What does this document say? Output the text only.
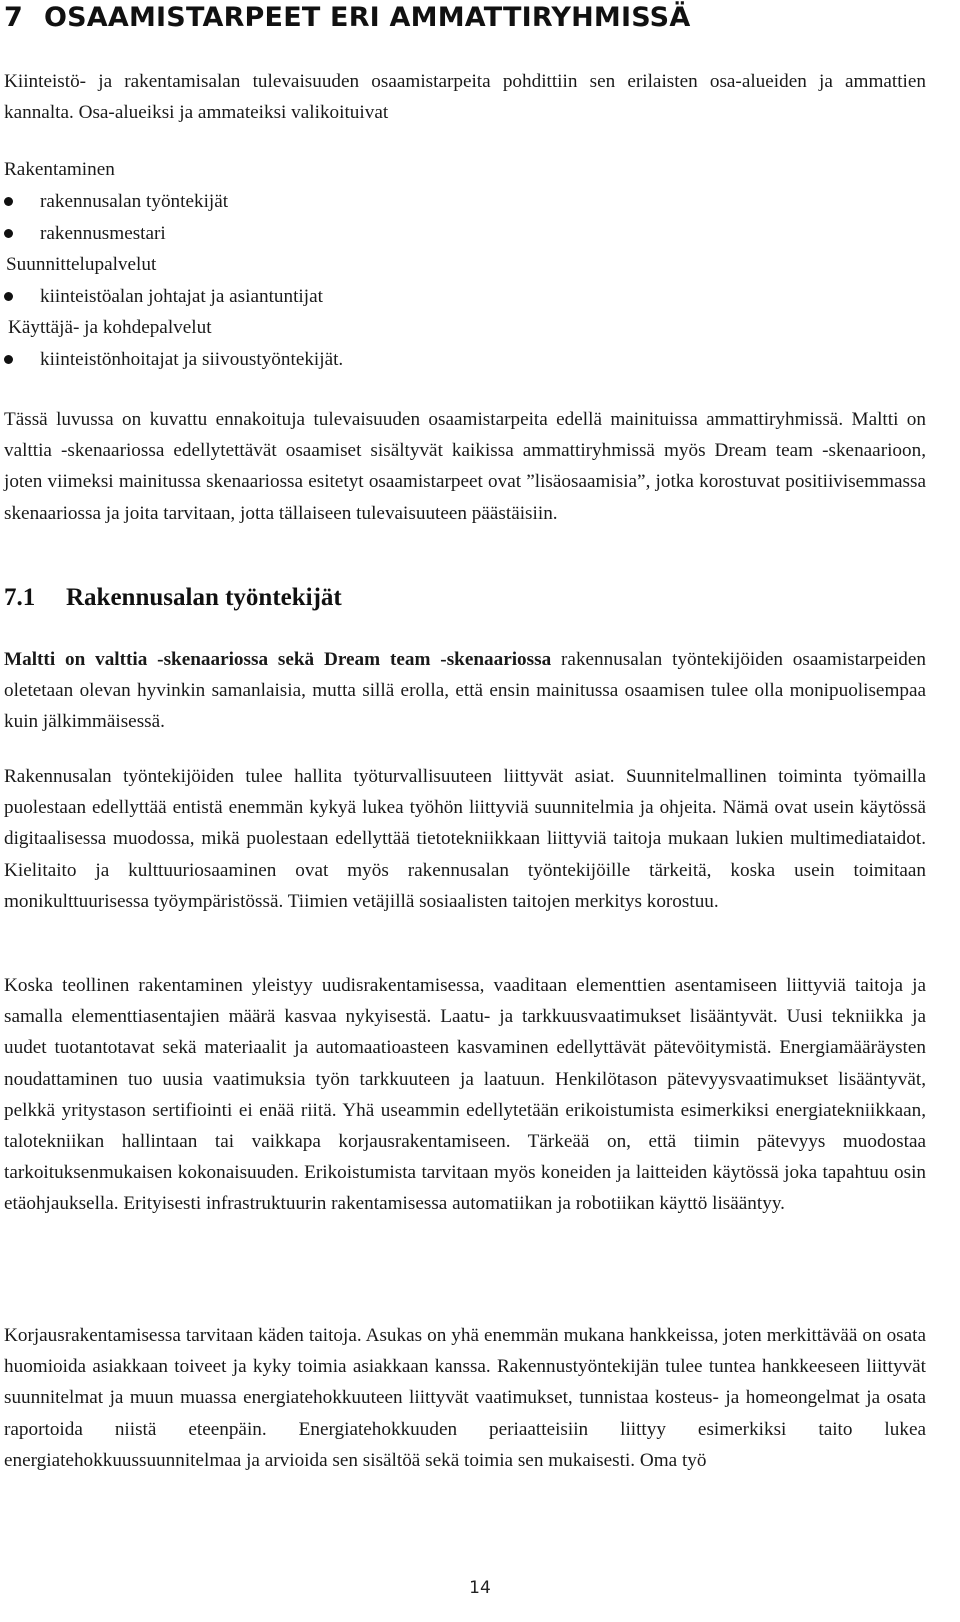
7 OSAAMISTARPEET ERI AMMATTIRYHMISSÄ

Kiinteistö- ja rakentamisalan tulevaisuuden osaamistarpeita pohdittiin sen erilaisten osa-alueiden ja ammattien kannalta. Osa-alueiksi ja ammateiksi valikoituivat

Rakentaminen

rakennusalan työntekijät
rakennusmestari

Suunnittelupalvelut

kiinteistöalan johtajat ja asiantuntijat

Käyttäjä- ja kohdepalvelut

kiinteistönhoitajat ja siivoustyöntekijät.

Tässä luvussa on kuvattu ennakoituja tulevaisuuden osaamistarpeita edellä mainituissa ammattiryhmissä. Maltti on valttia -skenaariossa edellytettävät osaamiset sisältyvät kaikissa ammattiryhmissä myös Dream team -skenaarioon, joten viimeksi mainitussa skenaariossa esitetyt osaamistarpeet ovat ”lisäosaamisia”, jotka korostuvat positiivisemmassa skenaariossa ja joita tarvitaan, jotta tällaiseen tulevaisuuteen päästäisiin.

7.1 Rakennusalan työntekijät

Maltti on valttia -skenaariossa sekä Dream team -skenaariossa rakennusalan työntekijöiden osaamistarpeiden oletetaan olevan hyvinkin samanlaisia, mutta sillä erolla, että ensin mainitussa osaamisen tulee olla monipuolisempaa kuin jälkimmäisessä.

Rakennusalan työntekijöiden tulee hallita työturvallisuuteen liittyvät asiat. Suunnitelmallinen toiminta työmailla puolestaan edellyttää entistä enemmän kykyä lukea työhön liittyviä suunnitelmia ja ohjeita. Nämä ovat usein käytössä digitaalisessa muodossa, mikä puolestaan edellyttää tietotekniikkaan liittyviä taitoja mukaan lukien multimediataidot. Kielitaito ja kulttuuriosaaminen ovat myös rakennusalan työntekijöille tärkeitä, koska usein toimitaan monikulttuurisessa työympäristössä. Tiimien vetäjillä sosiaalisten taitojen merkitys korostuu.

Koska teollinen rakentaminen yleistyy uudisrakentamisessa, vaaditaan elementtien asentamiseen liittyviä taitoja ja samalla elementtiasentajien määrä kasvaa nykyisestä. Laatu- ja tarkkuusvaatimukset lisääntyvät. Uusi tekniikka ja uudet tuotantotavat sekä materiaalit ja automaatioasteen kasvaminen edellyttävät pätevöitymistä. Energiamääräysten noudattaminen tuo uusia vaatimuksia työn tarkkuuteen ja laatuun. Henkilötason pätevyysvaatimukset lisääntyvät, pelkkä yritystason sertifiointi ei enää riitä. Yhä useammin edellytetään erikoistumista esimerkiksi energiatekniikkaan, talotekniikan hallintaan tai vaikkapa korjausrakentamiseen. Tärkeää on, että tiimin pätevyys muodostaa tarkoituksenmukaisen kokonaisuuden. Erikoistumista tarvitaan myös koneiden ja laitteiden käytössä joka tapahtuu osin etäohjauksella. Erityisesti infrastruktuurin rakentamisessa automatiikan ja robotiikan käyttö lisääntyy.

Korjausrakentamisessa tarvitaan käden taitoja. Asukas on yhä enemmän mukana hankkeissa, joten merkittävää on osata huomioida asiakkaan toiveet ja kyky toimia asiakkaan kanssa. Rakennustyöntekijän tulee tuntea hankkeeseen liittyvät suunnitelmat ja muun muassa energiatehokkuuteen liittyvät vaatimukset, tunnistaa kosteus- ja homeongelmat ja osata raportoida niistä eteenpäin. Energiatehokkuuden periaatteisiin liittyy esimerkiksi taito lukea energiatehokkuussuunnitelmaa ja arvioida sen sisältöä sekä toimia sen mukaisesti. Oma työ

14
